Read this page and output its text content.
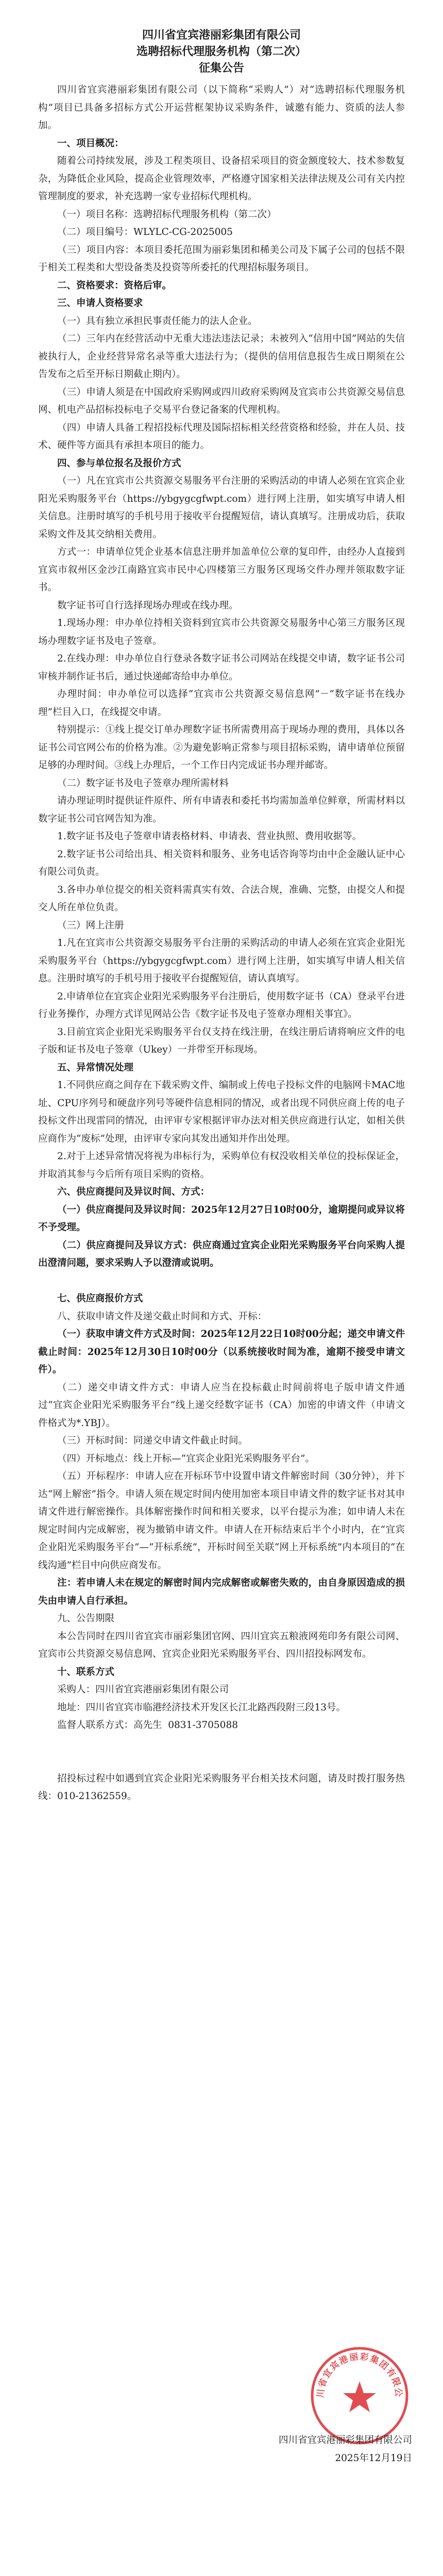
四川省宜宾港丽彩集团有限公司
选聘招标代理服务机构（第二次）
征集公告

四川省宜宾港丽彩集团有限公司（以下简称“采购人”）对“选聘招标代理服务机构”项目已具备多招标方式公开运营框架协议采购条件，诚邀有能力、资质的法人参加。

一、项目概况：

随着公司持续发展，涉及工程类项目、设备招采项目的资金额度较大、技术参数复杂，为降低企业风险，提高企业管理效率，严格遵守国家相关法律法规及公司有关内控管理制度的要求，补充选聘一家专业招标代理机构。

（一）项目名称：选聘招标代理服务机构（第二次）

（二）项目编号：WLYLC-CG-2025005

（三）项目内容：本项目委托范围为丽彩集团和稀美公司及下属子公司的包括不限于相关工程类和大型设备类及投资等所委托的代理招标服务项目。

二、资格要求：资格后审。

三、申请人资格要求

（一）具有独立承担民事责任能力的法人企业。

（二）三年内在经营活动中无重大违法违法记录；未被列入“信用中国”网站的失信被执行人，企业经营异常名录等重大违法行为；（提供的信用信息报告生成日期须在公告发布之后至开标日期截止期内）。

（三）申请人须是在中国政府采购网或四川政府采购网及宜宾市公共资源交易信息网、机电产品招标投标电子交易平台登记备案的代理机构。

（四）申请人具备工程招投标代理及国际招标相关经营资格和经验，并在人员、技术、硬件等方面具有承担本项目的能力。

四、参与单位报名及报价方式

（一）凡在宜宾市公共资源交易服务平台注册的采购活动的申请人必须在宜宾企业阳光采购服务平台（https://ybgygcgfwpt.com）进行网上注册，如实填写申请人相关信息。注册时填写的手机号用于接收平台提醒短信，请认真填写。注册成功后，获取采购文件及其交纳相关费用。

方式一：申请单位凭企业基本信息注册并加盖单位公章的复印件，由经办人直接到宜宾市叙州区金沙江南路宜宾市民中心四楼第三方服务区现场交件办理并领取数字证书。

数字证书可自行选择现场办理或在线办理。

1.现场办理：申办单位持相关资料到宜宾市公共资源交易服务中心第三方服务区现场办理数字证书及电子签章。

2.在线办理：申办单位自行登录各数字证书公司网站在线提交申请，数字证书公司审核并制作证书后，通过快递邮寄给申办单位。

办理时间：申办单位可以选择“宜宾市公共资源交易信息网”－“数字证书在线办理”栏目入口，在线提交申请。

特别提示：①线上提交订单办理数字证书所需费用高于现场办理的费用，具体以各证书公司官网公布的价格为准。②为避免影响正常参与项目招标采购，请申请单位预留足够的办理时间。③线上办理后，一个工作日内完成证书办理并邮寄。

（二）数字证书及电子签章办理所需材料

请办理证明时提供证件原件、所有申请表和委托书均需加盖单位鲜章，所需材料以数字证书公司官网告知为准。

1.数字证书及电子签章申请表格材料、申请表、营业执照、费用收据等。

2.数字证书公司给出具、相关资料和服务、业务电话咨询等均由中企金融认证中心有限公司负责。

3.各申办单位提交的相关资料需真实有效、合法合规，准确、完整，由提交人和提交人所在单位负责。

（三）网上注册

1.凡在宜宾市公共资源交易服务平台注册的采购活动的申请人必须在宜宾企业阳光采购服务平台（https://ybgygcgfwpt.com）进行网上注册，如实填写申请人相关信息。注册时填写的手机号用于接收平台提醒短信，请认真填写。

2.申请单位在宜宾企业阳光采购服务平台注册后，使用数字证书（CA）登录平台进行业务操作，办理方式详见网站公告《数字证书及电子签章办理相关事宜》。

3.目前宜宾企业阳光采购服务平台仅支持在线注册，在线注册后请将响应文件的电子版和证书及电子签章（Ukey）一并带至开标现场。

五、异常情况处理

1.不同供应商之间存在下载采购文件、编制或上传电子投标文件的电脑网卡MAC地址、CPU序列号和硬盘序列号等硬件信息相同的情况，或者出现不同供应商上传的电子投标文件出现雷同的情况，由评审专家根据评审办法对相关供应商进行认定，如相关供应商作为“废标”处理，由评审专家向其发出通知并作出处理。

2.对于上述异常情况将视为串标行为，采购单位有权没收相关单位的投标保证金，并取消其参与今后所有项目采购的资格。

六、供应商提问及异议时间、方式：

（一）供应商提问及异议时间：2025年12月27日10时00分，逾期提问或异议将不予受理。

（二）供应商提问及异议方式：供应商通过宜宾企业阳光采购服务平台向采购人提出澄清问题，要求采购人予以澄清或说明。

七、供应商报价方式

八、获取申请文件及递交截止时间和方式、开标：

（一）获取申请文件方式及时间：2025年12月22日10时00分起；递交申请文件截止时间：2025年12月30日10时00分（以系统接收时间为准，逾期不接受申请文件）。

（二）递交申请文件方式：申请人应当在投标截止时间前将电子版申请文件通过“宜宾企业阳光采购服务平台”线上递交经数字证书（CA）加密的申请文件（申请文件格式为*.YBJ）。

（三）开标时间：同递交申请文件截止时间。

（四）开标地点：线上开标—“宜宾企业阳光采购服务平台”。

（五）开标程序：申请人应在开标环节中设置申请文件解密时间（30分钟），并下达“网上解密”指令。申请人须在规定时间内使用加密本项目申请文件的数字证书对其申请文件进行解密操作。具体解密操作时间和相关要求，以平台提示为准；如申请人未在规定时间内完成解密，视为撤销申请文件。申请人在开标结束后半个小时内，在“宜宾企业阳光采购服务平台”—“开标系统”，开标时间至关联“网上开标系统”内本项目的“在线沟通”栏目中向供应商发布。

注：若申请人未在规定的解密时间内完成解密或解密失败的，由自身原因造成的损失由申请人自行承担。

九、公告期限

本公告同时在四川省宜宾市丽彩集团官网、四川宜宾五粮液网苑印务有限公司网、宜宾市公共资源交易信息网、宜宾企业阳光采购服务平台、四川招投标网发布。

十、联系方式

采购人：四川省宜宾港丽彩集团有限公司

地址：四川省宜宾市临港经济技术开发区长江北路西段附三段13号。

监督人联系方式：高先生  0831-3705088

招投标过程中如遇到宜宾企业阳光采购服务平台相关技术问题，请及时拨打服务热线：010-21362559。

川省宜宾港丽彩集团有限公
四川省宜宾港丽彩集团有限公司
2025年12月19日
